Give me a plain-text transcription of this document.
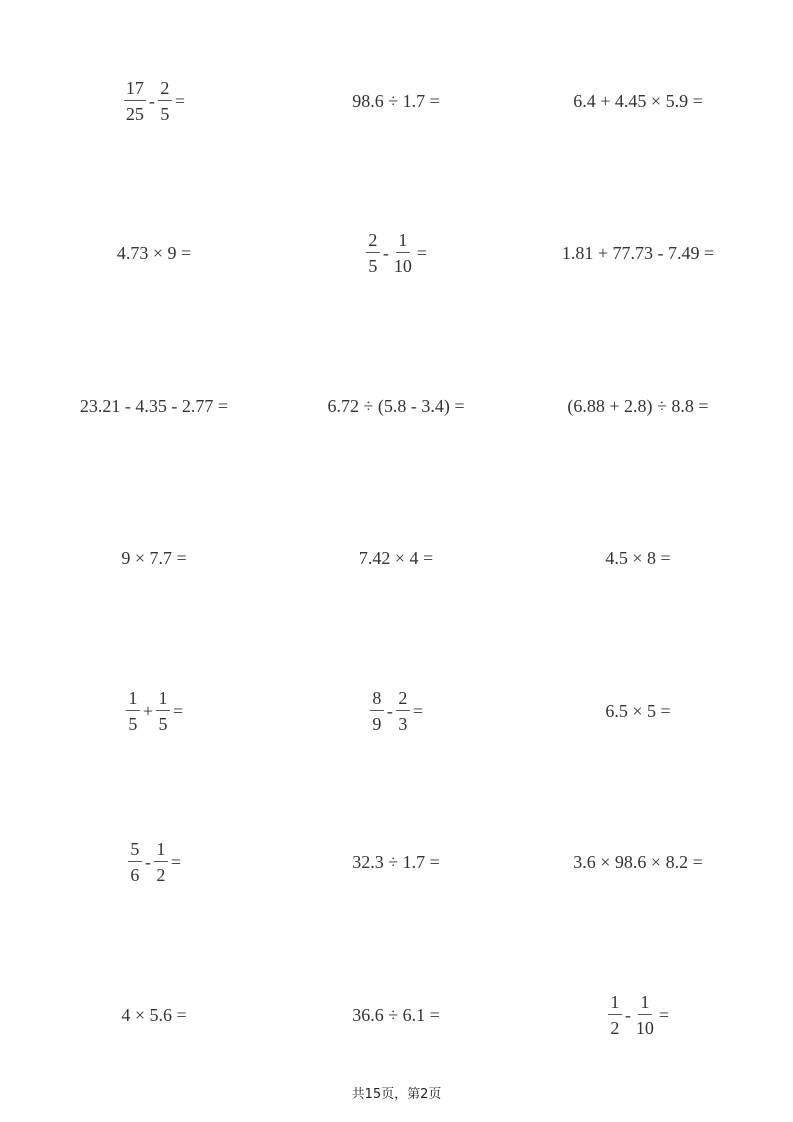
$\frac{17}{25} - \frac{2}{5}$ =	98.6 ÷ 1.7 =	6.4 + 4.45 × 5.9 =
4.73 × 9 =	$\frac{2}{5} - \frac{1}{10}$ =	1.81 + 77.73 - 7.49 =
23.21 - 4.35 - 2.77 =	6.72 ÷ (5.8 - 3.4) =	(6.88 + 2.8) ÷ 8.8 =
9 × 7.7 =	7.42 × 4 =	4.5 × 8 =
$\frac{1}{5} + \frac{1}{5}$ =	$\frac{8}{9} - \frac{2}{3}$ =	6.5 × 5 =
$\frac{5}{6} - \frac{1}{2}$ =	32.3 ÷ 1.7 =	3.6 × 98.6 × 8.2 =
4 × 5.6 =	36.6 ÷ 6.1 =	$\frac{1}{2} - \frac{1}{10}$ =
共15页，第2页
